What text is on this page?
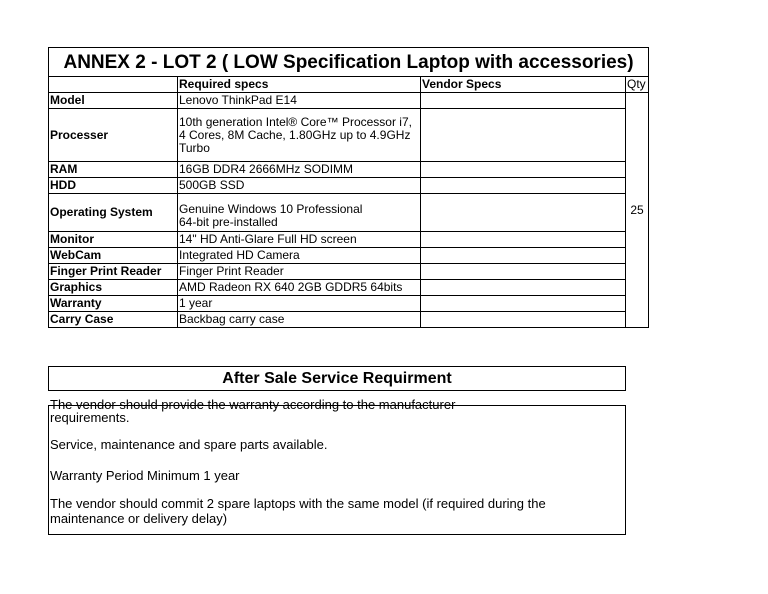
ANNEX 2 - LOT 2 ( LOW Specification Laptop with accessories)			
	Required specs	Vendor Specs	Qty
Model	Lenovo ThinkPad E14		25
Processer	10th generation Intel® Core™ Processor i7, 4 Cores, 8M Cache, 1.80GHz up to 4.9GHz Turbo		
RAM	16GB DDR4 2666MHz SODIMM		
HDD	500GB SSD		
Operating System	Genuine Windows 10 Professional
64-bit pre-installed		

Monitor	14" HD Anti-Glare Full HD screen		
WebCam	Integrated HD Camera		
Finger Print Reader	Finger Print Reader		
Graphics	AMD Radeon RX 640 2GB GDDR5 64bits		
Warranty	1 year		
Carry Case	Backbag carry case		
After Sale Service Requirment
The vendor should provide the warranty according to the manufacturer
requirements.
Service, maintenance and spare parts available.
Warranty Period Minimum 1 year
The vendor should commit 2 spare laptops with the same model (if required during the maintenance or delivery delay)
